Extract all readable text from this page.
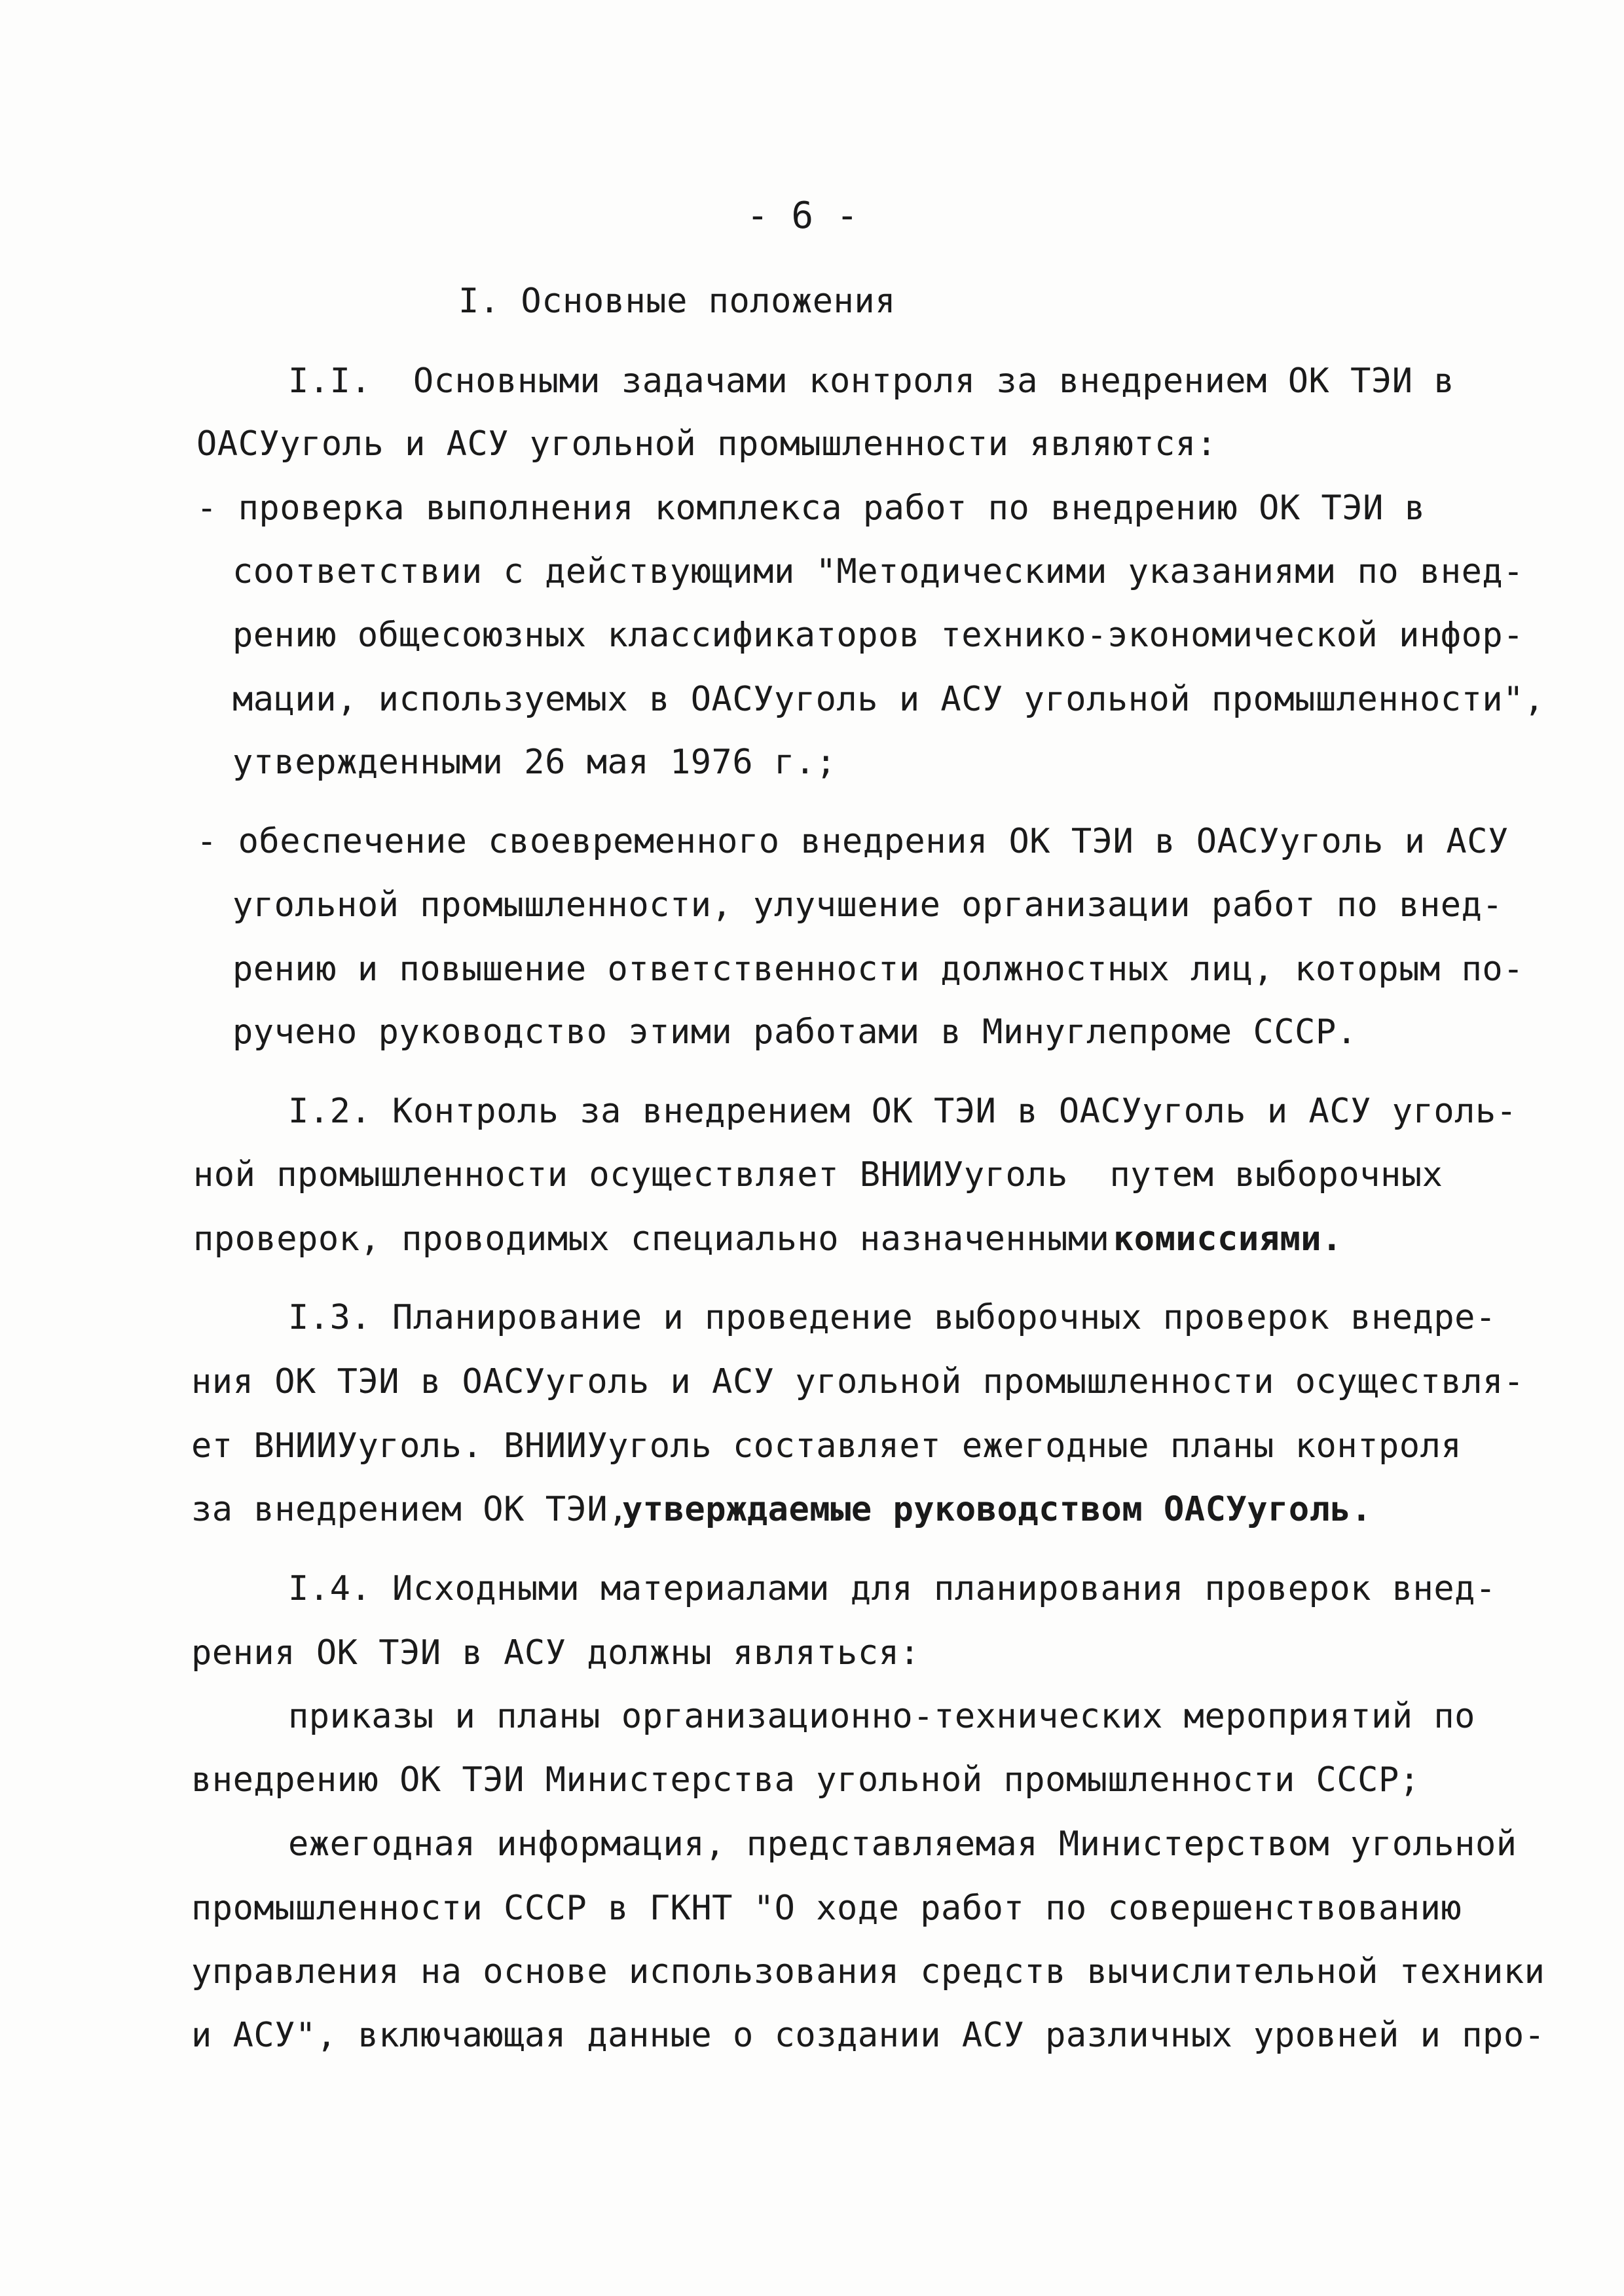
- 6 -
I. Основные положения
I.I.  Основными задачами контроля за внедрением ОК ТЭИ в
ОАСУуголь и АСУ угольной промышленности являются:
- проверка выполнения комплекса работ по внедрению ОК ТЭИ в
соответствии с действующими "Методическими указаниями по внед-
рению общесоюзных классификаторов технико-экономической инфор-
мации, используемых в ОАСУуголь и АСУ угольной промышленности",
утвержденными 26 мая 1976 г.;
- обеспечение своевременного внедрения ОК ТЭИ в ОАСУуголь и АСУ
угольной промышленности, улучшение организации работ по внед-
рению и повышение ответственности должностных лиц, которым по-
ручено руководство этими работами в Минуглепроме СССР.
I.2. Контроль за внедрением ОК ТЭИ в ОАСУуголь и АСУ уголь-
ной промышленности осуществляет ВНИИУуголь  путем выборочных
проверок, проводимых специально назначенными комиссиями.
I.3. Планирование и проведение выборочных проверок внедре-
ния ОК ТЭИ в ОАСУуголь и АСУ угольной промышленности осуществля-
ет ВНИИУуголь. ВНИИУуголь составляет ежегодные планы контроля
за внедрением ОК ТЭИ,
утверждаемые руководством ОАСУуголь.
I.4. Исходными материалами для планирования проверок внед-
рения ОК ТЭИ в АСУ должны являться:
приказы и планы организационно-технических мероприятий по
внедрению ОК ТЭИ Министерства угольной промышленности СССР;
ежегодная информация, представляемая Министерством угольной
промышленности СССР в ГКНТ "О ходе работ по совершенствованию
управления на основе использования средств вычислительной техники
и АСУ", включающая данные о создании АСУ различных уровней и про-
